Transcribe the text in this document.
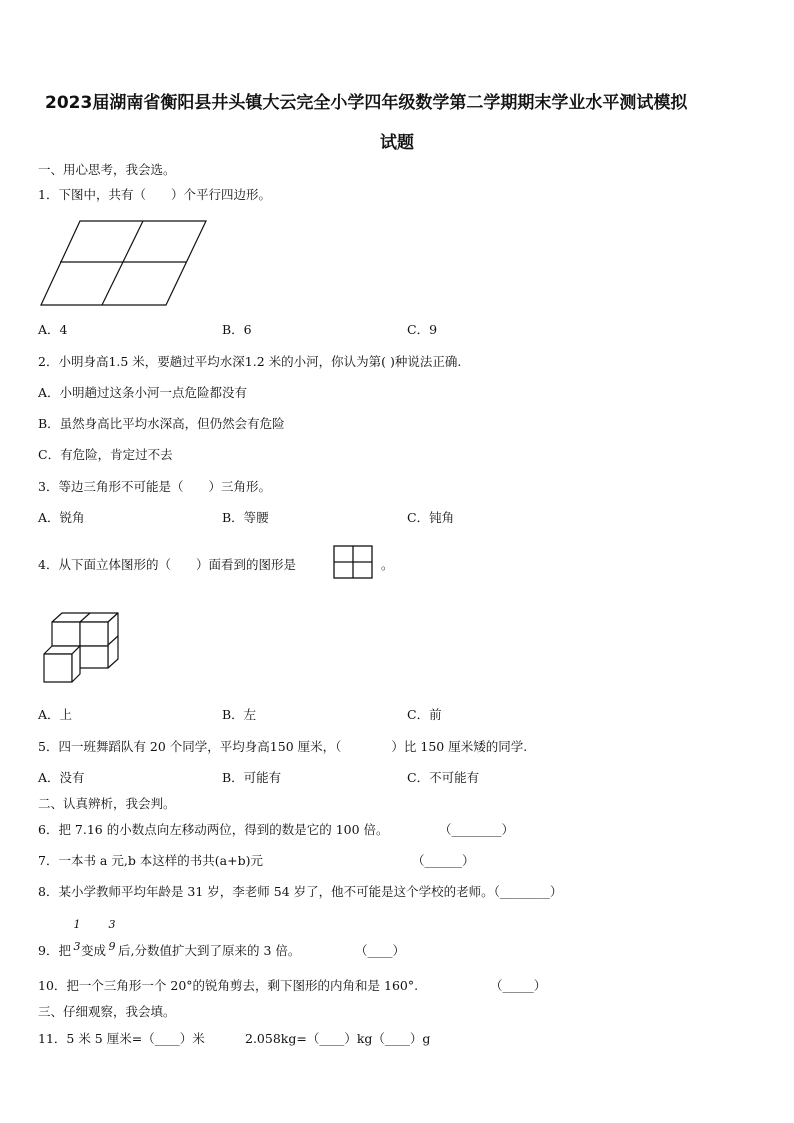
2023届湖南省衡阳县井头镇大云完全小学四年级数学第二学期期末学业水平测试模拟
试题
一、用心思考，我会选。
1．下图中，共有（　　）个平行四边形。
A．4	B．6	C．9
2．小明身高1.5 米，要趟过平均水深1.2 米的小河，你认为第( )种说法正确.
A．小明趟过这条小河一点危险都没有
B．虽然身高比平均水深高，但仍然会有危险
C．有危险，肯定过不去
3．等边三角形不可能是（　　）三角形。
A．锐角	B．等腰	C．钝角
4．从下面立体图形的（　　）面看到的图形是	。
A．上	B．左	C．前
5．四一班舞蹈队有 20 个同学，平均身高150 厘米，（　　　　）比 150 厘米矮的同学.
A．没有	B．可能有	C．不可能有
二、认真辨析，我会判。
6．把 7.16 的小数点向左移动两位，得到的数是它的 100 倍。	（________）
7．一本书 a 元,b 本这样的书共(a+b)元	（______）
8．某小学教师平均年龄是 31 岁，李老师 54 岁了，他不可能是这个学校的老师。（________）
9．把
1
3 变成
3
9 后,分数值扩大到了原来的 3 倍。	（____）
10．把一个三角形一个 20°的锐角剪去，剩下图形的内角和是 160°.	（_____）
三、仔细观察，我会填。
11．5 米 5 厘米=（____）米	2.058kg=（____）kg（____）g
